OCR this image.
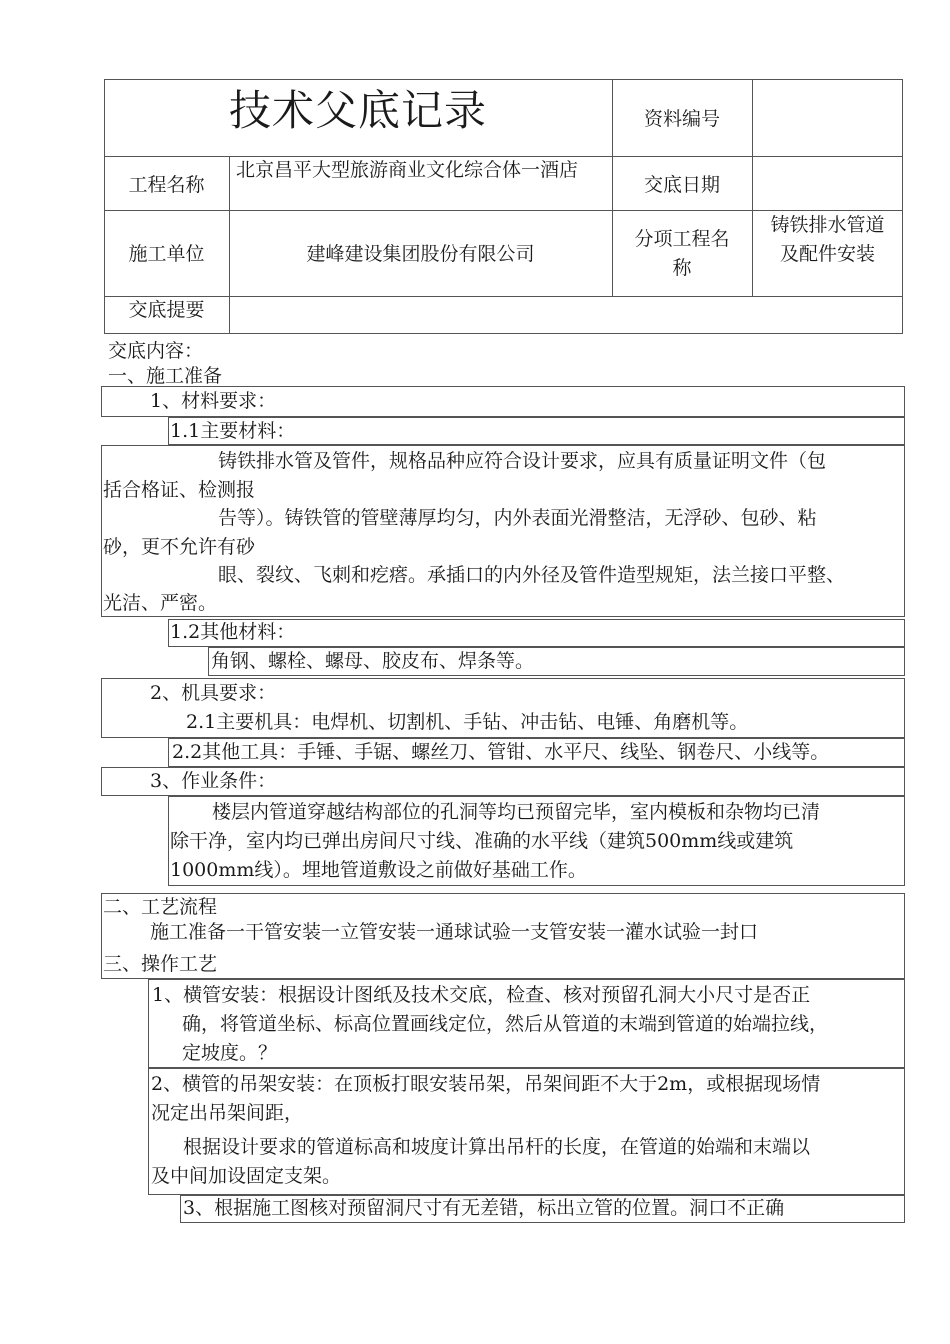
技术父底记录	资料编号
工程名称
北京昌平大型旅游商业文化综合体一酒店
交底日期
施工单位	建峰建设集团股份有限公司
分项工程名称
铸铁排水管道及配件安装
交底提要
交底内容：
一、施工准备
1、材料要求：
1.1主要材料：
铸铁排水管及管件，规格品种应符合设计要求，应具有质量证明文件（包
括合格证、检测报
告等）。铸铁管的管壁薄厚均匀，内外表面光滑整洁，无浮砂、包砂、粘
砂，更不允许有砂
眼、裂纹、飞刺和疙瘩。承插口的内外径及管件造型规矩，法兰接口平整、
光洁、严密。
1.2其他材料：
角钢、螺栓、螺母、胶皮布、焊条等。
2、机具要求：
2.1主要机具：电焊机、切割机、手钻、冲击钻、电锤、角磨机等。
2.2其他工具：手锤、手锯、螺丝刀、管钳、水平尺、线坠、钢卷尺、小线等。
3、作业条件：
楼层内管道穿越结构部位的孔洞等均已预留完毕，室内模板和杂物均已清
除干净，室内均已弹出房间尺寸线、准确的水平线（建筑500mm线或建筑
1000mm线）。埋地管道敷设之前做好基础工作。
二、工艺流程
施工准备一干管安装一立管安装一通球试验一支管安装一灌水试验一封口
三、操作工艺
1、横管安装：根据设计图纸及技术交底，检查、核对预留孔洞大小尺寸是否正
确，将管道坐标、标高位置画线定位，然后从管道的末端到管道的始端拉线，
定坡度。？
2、横管的吊架安装：在顶板打眼安装吊架，吊架间距不大于2m，或根据现场情
况定出吊架间距，
根据设计要求的管道标高和坡度计算出吊杆的长度，在管道的始端和末端以
及中间加设固定支架。
3、根据施工图核对预留洞尺寸有无差错，标出立管的位置。洞口不正确
